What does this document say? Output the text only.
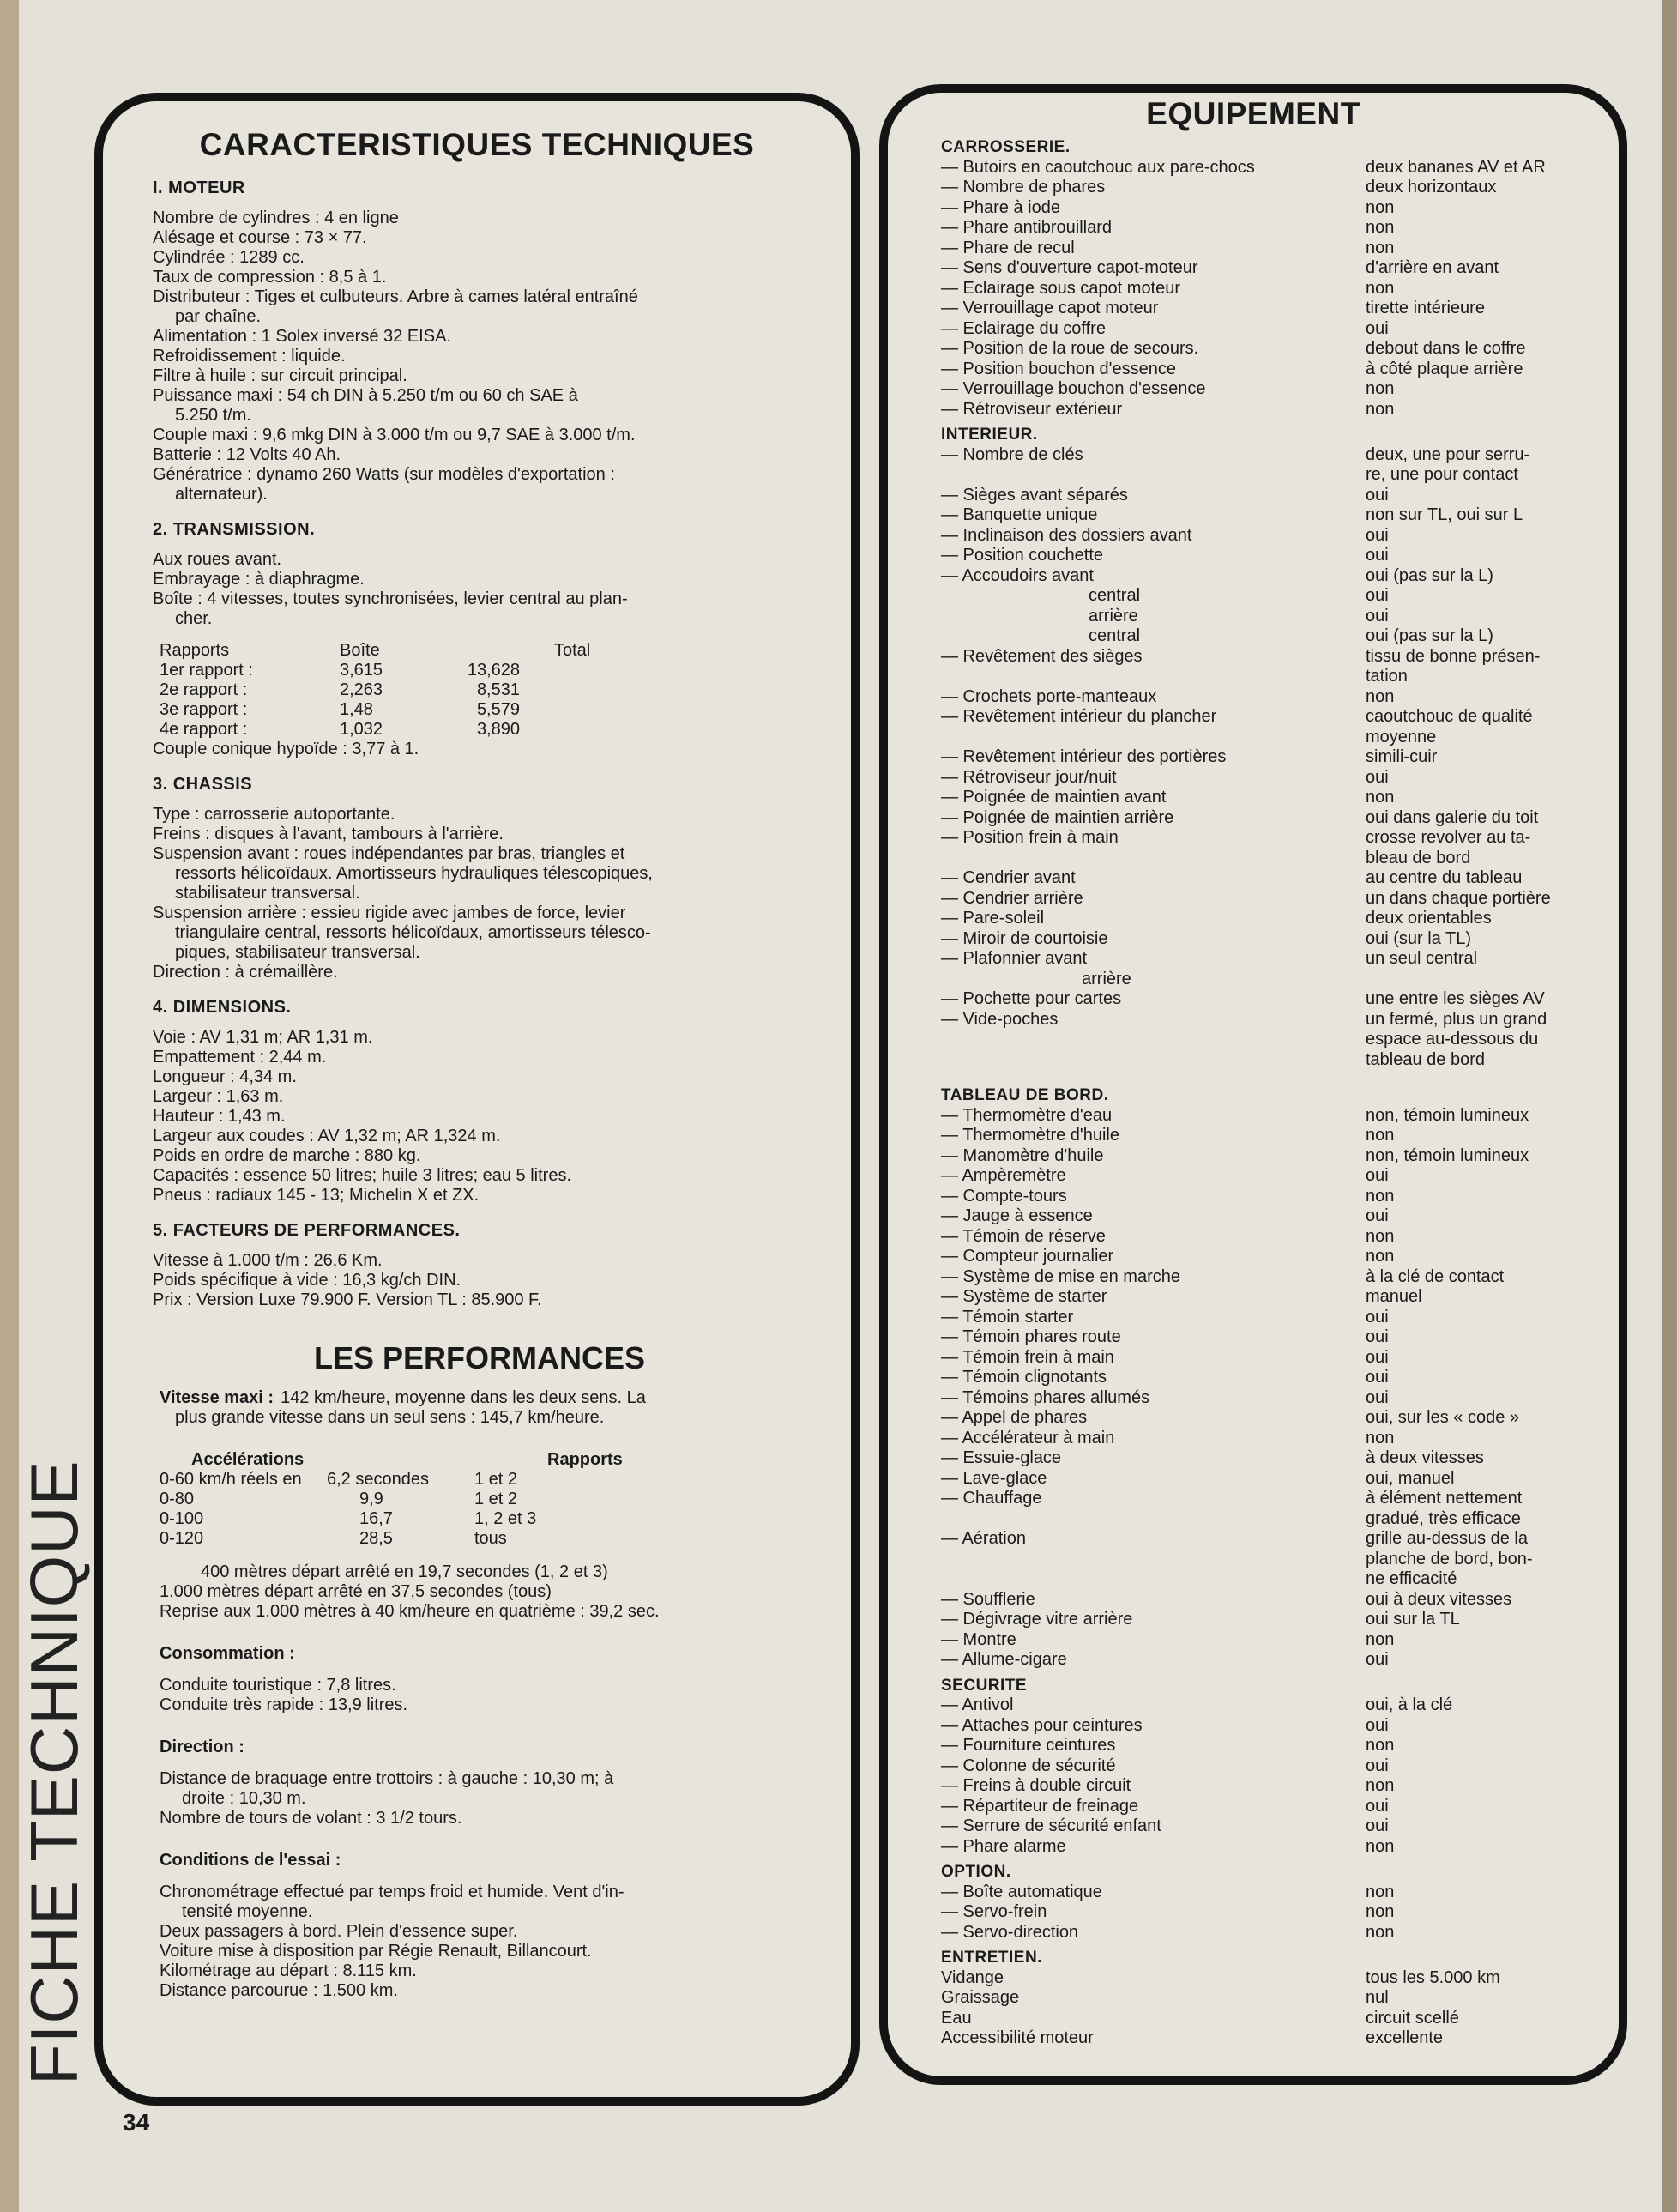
CARACTERISTIQUES TECHNIQUES
I. MOTEUR
Nombre de cylindres : 4 en ligne
Alésage et course : 73 × 77.
Cylindrée : 1289 cc.
Taux de compression : 8,5 à 1.
Distributeur : Tiges et culbuteurs. Arbre à cames latéral entraîné
par chaîne.
Alimentation : 1 Solex inversé 32 EISA.
Refroidissement : liquide.
Filtre à huile : sur circuit principal.
Puissance maxi : 54 ch DIN à 5.250 t/m ou 60 ch SAE à
5.250 t/m.
Couple maxi : 9,6 mkg DIN à 3.000 t/m ou 9,7 SAE à 3.000 t/m.
Batterie : 12 Volts 40 Ah.
Génératrice : dynamo 260 Watts (sur modèles d'exportation :
alternateur).
2. TRANSMISSION.
Aux roues avant.
Embrayage : à diaphragme.
Boîte : 4 vitesses, toutes synchronisées, levier central au plan-
cher.
Rapports	Boîte	Total
1er rapport :	3,615	13,628
2e rapport :	2,263	8,531
3e rapport :	1,48	5,579
4e rapport :	1,032	3,890
Couple conique hypoïde : 3,77 à 1.
3. CHASSIS
Type : carrosserie autoportante.
Freins : disques à l'avant, tambours à l'arrière.
Suspension avant : roues indépendantes par bras, triangles et
ressorts hélicoïdaux. Amortisseurs hydrauliques télescopiques,
stabilisateur transversal.
Suspension arrière : essieu rigide avec jambes de force, levier
triangulaire central, ressorts hélicoïdaux, amortisseurs télesco-
piques, stabilisateur transversal.
Direction : à crémaillère.
4. DIMENSIONS.
Voie : AV 1,31 m; AR 1,31 m.
Empattement : 2,44 m.
Longueur : 4,34 m.
Largeur : 1,63 m.
Hauteur : 1,43 m.
Largeur aux coudes : AV 1,32 m; AR 1,324 m.
Poids en ordre de marche : 880 kg.
Capacités : essence 50 litres; huile 3 litres; eau 5 litres.
Pneus : radiaux 145 - 13; Michelin X et ZX.
5. FACTEURS DE PERFORMANCES.
Vitesse à 1.000 t/m : 26,6 Km.
Poids spécifique à vide : 16,3 kg/ch DIN.
Prix : Version Luxe 79.900 F. Version TL : 85.900 F.
LES PERFORMANCES
Vitesse maxi : 142 km/heure, moyenne dans les deux sens. La
plus grande vitesse dans un seul sens : 145,7 km/heure.
Accélérations	Rapports
0-60 km/h réels en	6,2 secondes	1 et 2
0-80	9,9	1 et 2
0-100	16,7	1, 2 et 3
0-120	28,5	tous
400 mètres départ arrêté en 19,7 secondes (1, 2 et 3)
1.000 mètres départ arrêté en 37,5 secondes (tous)
Reprise aux 1.000 mètres à 40 km/heure en quatrième : 39,2 sec.
Consommation :
Conduite touristique : 7,8 litres.
Conduite très rapide : 13,9 litres.
Direction :
Distance de braquage entre trottoirs : à gauche : 10,30 m; à
droite : 10,30 m.
Nombre de tours de volant : 3 1/2 tours.
Conditions de l'essai :
Chronométrage effectué par temps froid et humide. Vent d'in-
tensité moyenne.
Deux passagers à bord. Plein d'essence super.
Voiture mise à disposition par Régie Renault, Billancourt.
Kilométrage au départ : 8.115 km.
Distance parcourue : 1.500 km.
EQUIPEMENT
CARROSSERIE.
— Butoirs en caoutchouc aux pare-chocs	deux bananes AV et AR
— Nombre de phares	deux horizontaux
— Phare à iode	non
— Phare antibrouillard	non
— Phare de recul	non
— Sens d'ouverture capot-moteur	d'arrière en avant
— Eclairage sous capot moteur	non
— Verrouillage capot moteur	tirette intérieure
— Eclairage du coffre	oui
— Position de la roue de secours.	debout dans le coffre
— Position bouchon d'essence	à côté plaque arrière
— Verrouillage bouchon d'essence	non
— Rétroviseur extérieur	non
INTERIEUR.
— Nombre de clés	deux, une pour serru-
re, une pour contact
— Sièges avant séparés	oui
— Banquette unique	non sur TL, oui sur L
— Inclinaison des dossiers avant	oui
— Position couchette	oui
— Accoudoirs avant	oui (pas sur la L)
central	oui
arrière	oui
central	oui (pas sur la L)
— Revêtement des sièges	tissu de bonne présen-
tation
— Crochets porte-manteaux	non
— Revêtement intérieur du plancher	caoutchouc de qualité
moyenne
— Revêtement intérieur des portières	simili-cuir
— Rétroviseur jour/nuit	oui
— Poignée de maintien avant	non
— Poignée de maintien arrière	oui dans galerie du toit
— Position frein à main	crosse revolver au ta-
bleau de bord
— Cendrier avant	au centre du tableau
— Cendrier arrière	un dans chaque portière
— Pare-soleil	deux orientables
— Miroir de courtoisie	oui (sur la TL)
— Plafonnier avant	un seul central
arrière
— Pochette pour cartes	une entre les sièges AV
— Vide-poches	un fermé, plus un grand
espace au-dessous du
tableau de bord
TABLEAU DE BORD.
— Thermomètre d'eau	non, témoin lumineux
— Thermomètre d'huile	non
— Manomètre d'huile	non, témoin lumineux
— Ampèremètre	oui
— Compte-tours	non
— Jauge à essence	oui
— Témoin de réserve	non
— Compteur journalier	non
— Système de mise en marche	à la clé de contact
— Système de starter	manuel
— Témoin starter	oui
— Témoin phares route	oui
— Témoin frein à main	oui
— Témoin clignotants	oui
— Témoins phares allumés	oui
— Appel de phares	oui, sur les « code »
— Accélérateur à main	non
— Essuie-glace	à deux vitesses
— Lave-glace	oui, manuel
— Chauffage	à élément nettement
gradué, très efficace
— Aération	grille au-dessus de la
planche de bord, bon-
ne efficacité
— Soufflerie	oui à deux vitesses
— Dégivrage vitre arrière	oui sur la TL
— Montre	non
— Allume-cigare	oui
SECURITE
— Antivol	oui, à la clé
— Attaches pour ceintures	oui
— Fourniture ceintures	non
— Colonne de sécurité	oui
— Freins à double circuit	non
— Répartiteur de freinage	oui
— Serrure de sécurité enfant	oui
— Phare alarme	non
OPTION.
— Boîte automatique	non
— Servo-frein	non
— Servo-direction	non
ENTRETIEN.
Vidange	tous les 5.000 km
Graissage	nul
Eau	circuit scellé
Accessibilité moteur	excellente
FICHE TECHNIQUE
34
